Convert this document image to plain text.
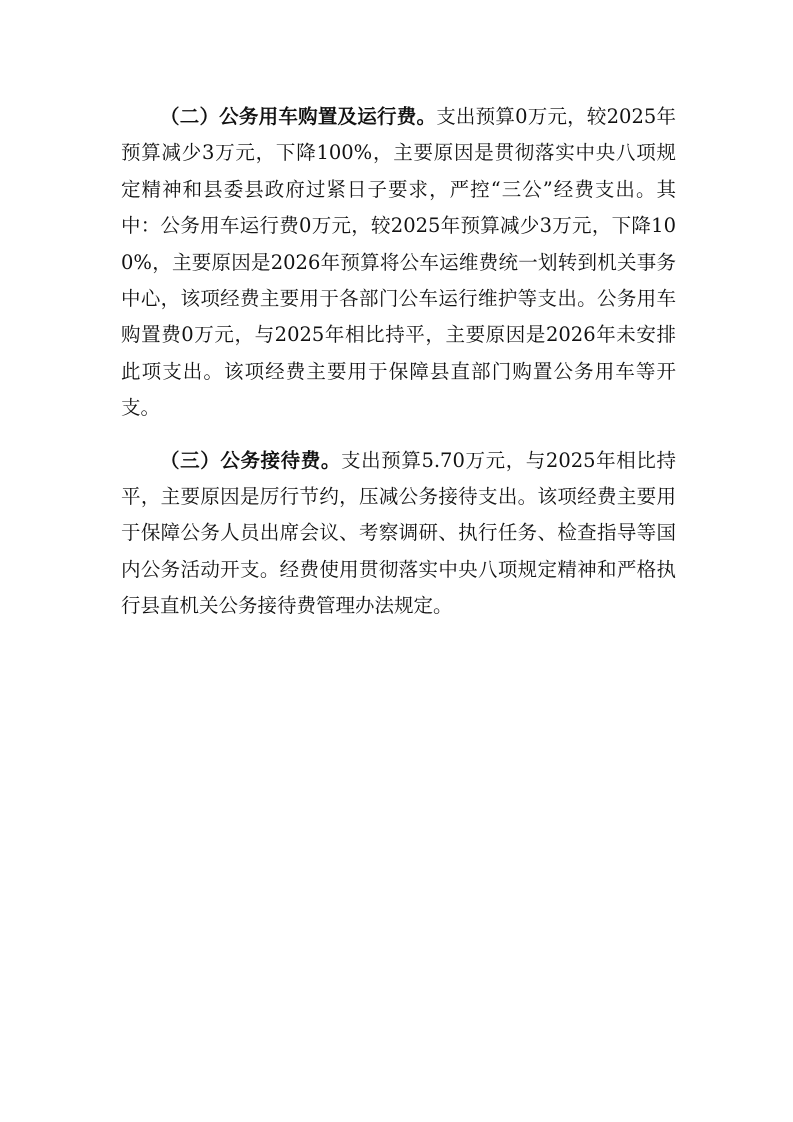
（二）公务用车购置及运行费。支出预算0万元，较2025年预算减少3万元，下降100%，主要原因是贯彻落实中央八项规定精神和县委县政府过紧日子要求，严控“三公”经费支出。其中：公务用车运行费0万元，较2025年预算减少3万元，下降100%，主要原因是2026年预算将公车运维费统一划转到机关事务中心，该项经费主要用于各部门公车运行维护等支出。公务用车购置费0万元，与2025年相比持平，主要原因是2026年未安排此项支出。该项经费主要用于保障县直部门购置公务用车等开支。

（三）公务接待费。支出预算5.70万元，与2025年相比持平，主要原因是厉行节约，压减公务接待支出。该项经费主要用于保障公务人员出席会议、考察调研、执行任务、检查指导等国内公务活动开支。经费使用贯彻落实中央八项规定精神和严格执行县直机关公务接待费管理办法规定。
